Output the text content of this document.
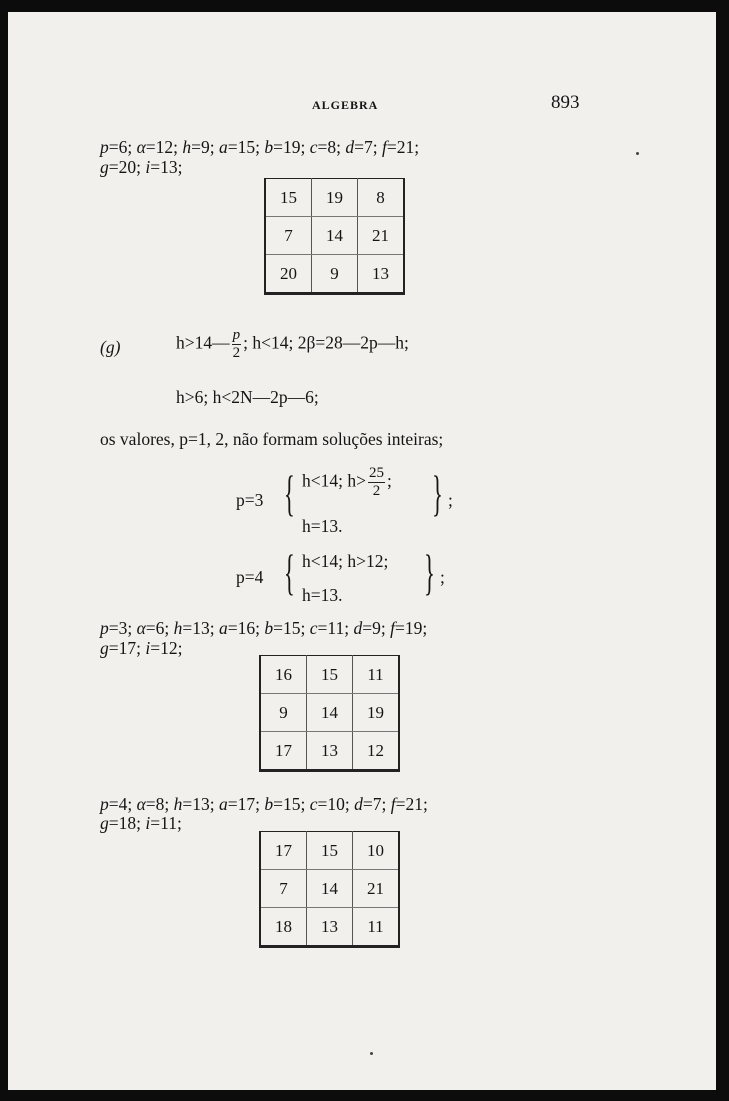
ALGEBRA	893
p=6; α=12; h=9; a=15; b=19; c=8; d=7; f=21;
g=20; i=13;
15	19	8
7	14	21
20	9	13
(g)	h>14— $\frac{p}{2}$ ; h<14; 2β=28—2p—h;
h>6; h<2N—2p—6;
os valores, p=1, 2, não formam soluções inteiras;
p=3 { h<14; $h> \frac{25}{2}$ ;
h=13.
} ;
p=4 { h<14; h>12;
h=13. } ;
p=3; α=6; h=13; a=16; b=15; c=11; d=9; f=19;
g=17; i=12;
16	15	11
9	14	19
17	13	12
p=4; α=8; h=13; a=17; b=15; c=10; d=7; f=21;
g=18; i=11;
17	15	10
7	14	21
18	13	11
